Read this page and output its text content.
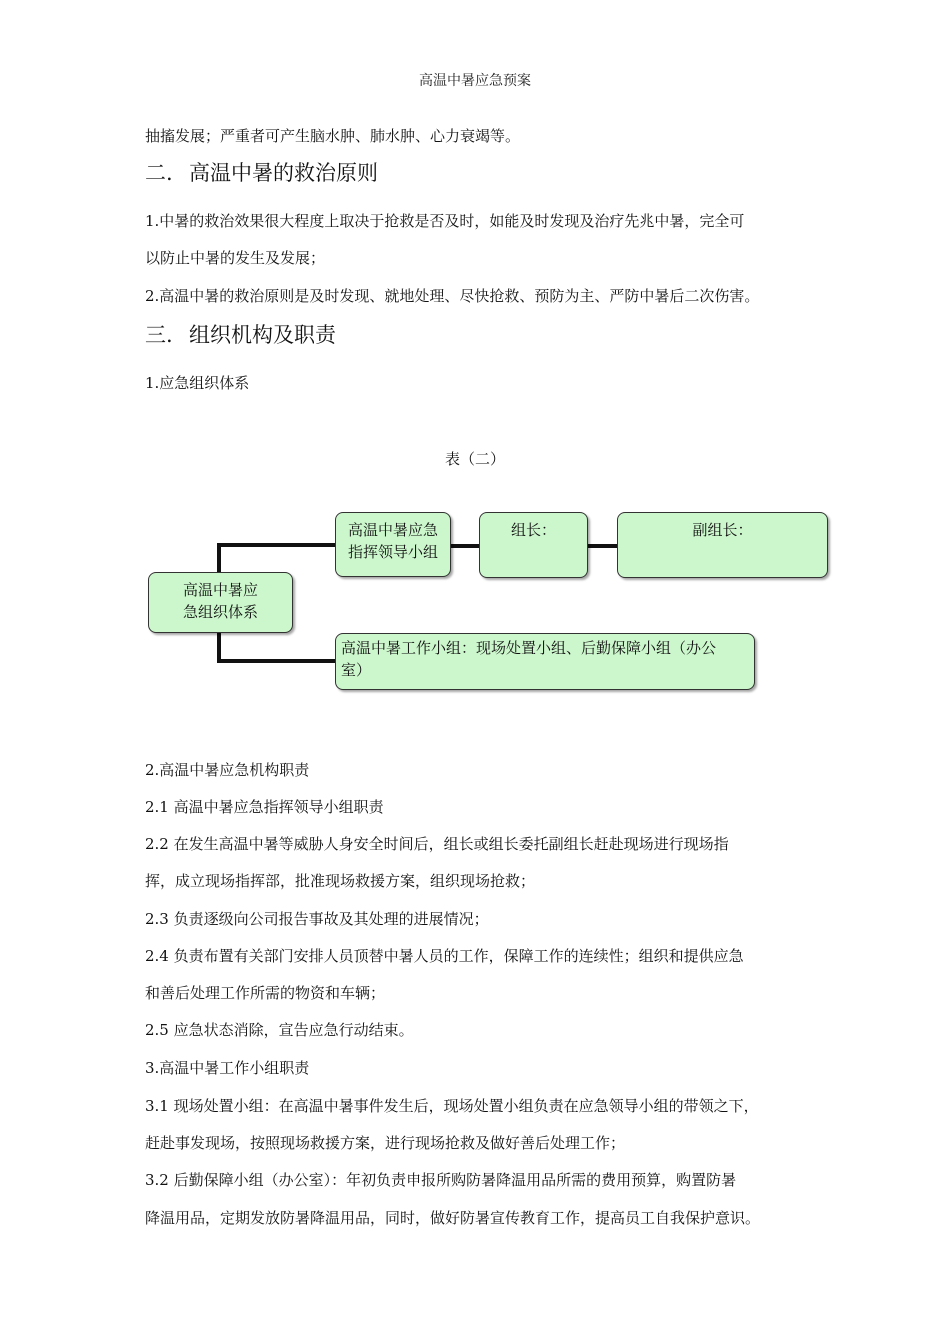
高温中暑应急预案
抽搐发展；严重者可产生脑水肿、肺水肿、心力衰竭等。
二. 高温中暑的救治原则
1.中暑的救治效果很大程度上取决于抢救是否及时，如能及时发现及治疗先兆中暑，完全可
以防止中暑的发生及发展；
2.高温中暑的救治原则是及时发现、就地处理、尽快抢救、预防为主、严防中暑后二次伤害。
三. 组织机构及职责
1.应急组织体系
表（二）
高温中暑应
急组织体系
高温中暑应急
指挥领导小组
组长：	副组长：
高温中暑工作小组：现场处置小组、后勤保障小组（办公
室）
2.高温中暑应急机构职责
2.1 高温中暑应急指挥领导小组职责
2.2 在发生高温中暑等威胁人身安全时间后，组长或组长委托副组长赶赴现场进行现场指
挥，成立现场指挥部，批准现场救援方案，组织现场抢救；
2.3 负责逐级向公司报告事故及其处理的进展情况；
2.4 负责布置有关部门安排人员顶替中暑人员的工作，保障工作的连续性；组织和提供应急
和善后处理工作所需的物资和车辆；
2.5 应急状态消除，宣告应急行动结束。
3.高温中暑工作小组职责
3.1 现场处置小组：在高温中暑事件发生后，现场处置小组负责在应急领导小组的带领之下，
赶赴事发现场，按照现场救援方案，进行现场抢救及做好善后处理工作；
3.2 后勤保障小组（办公室）：年初负责申报所购防暑降温用品所需的费用预算，购置防暑
降温用品，定期发放防暑降温用品，同时，做好防暑宣传教育工作，提高员工自我保护意识。
